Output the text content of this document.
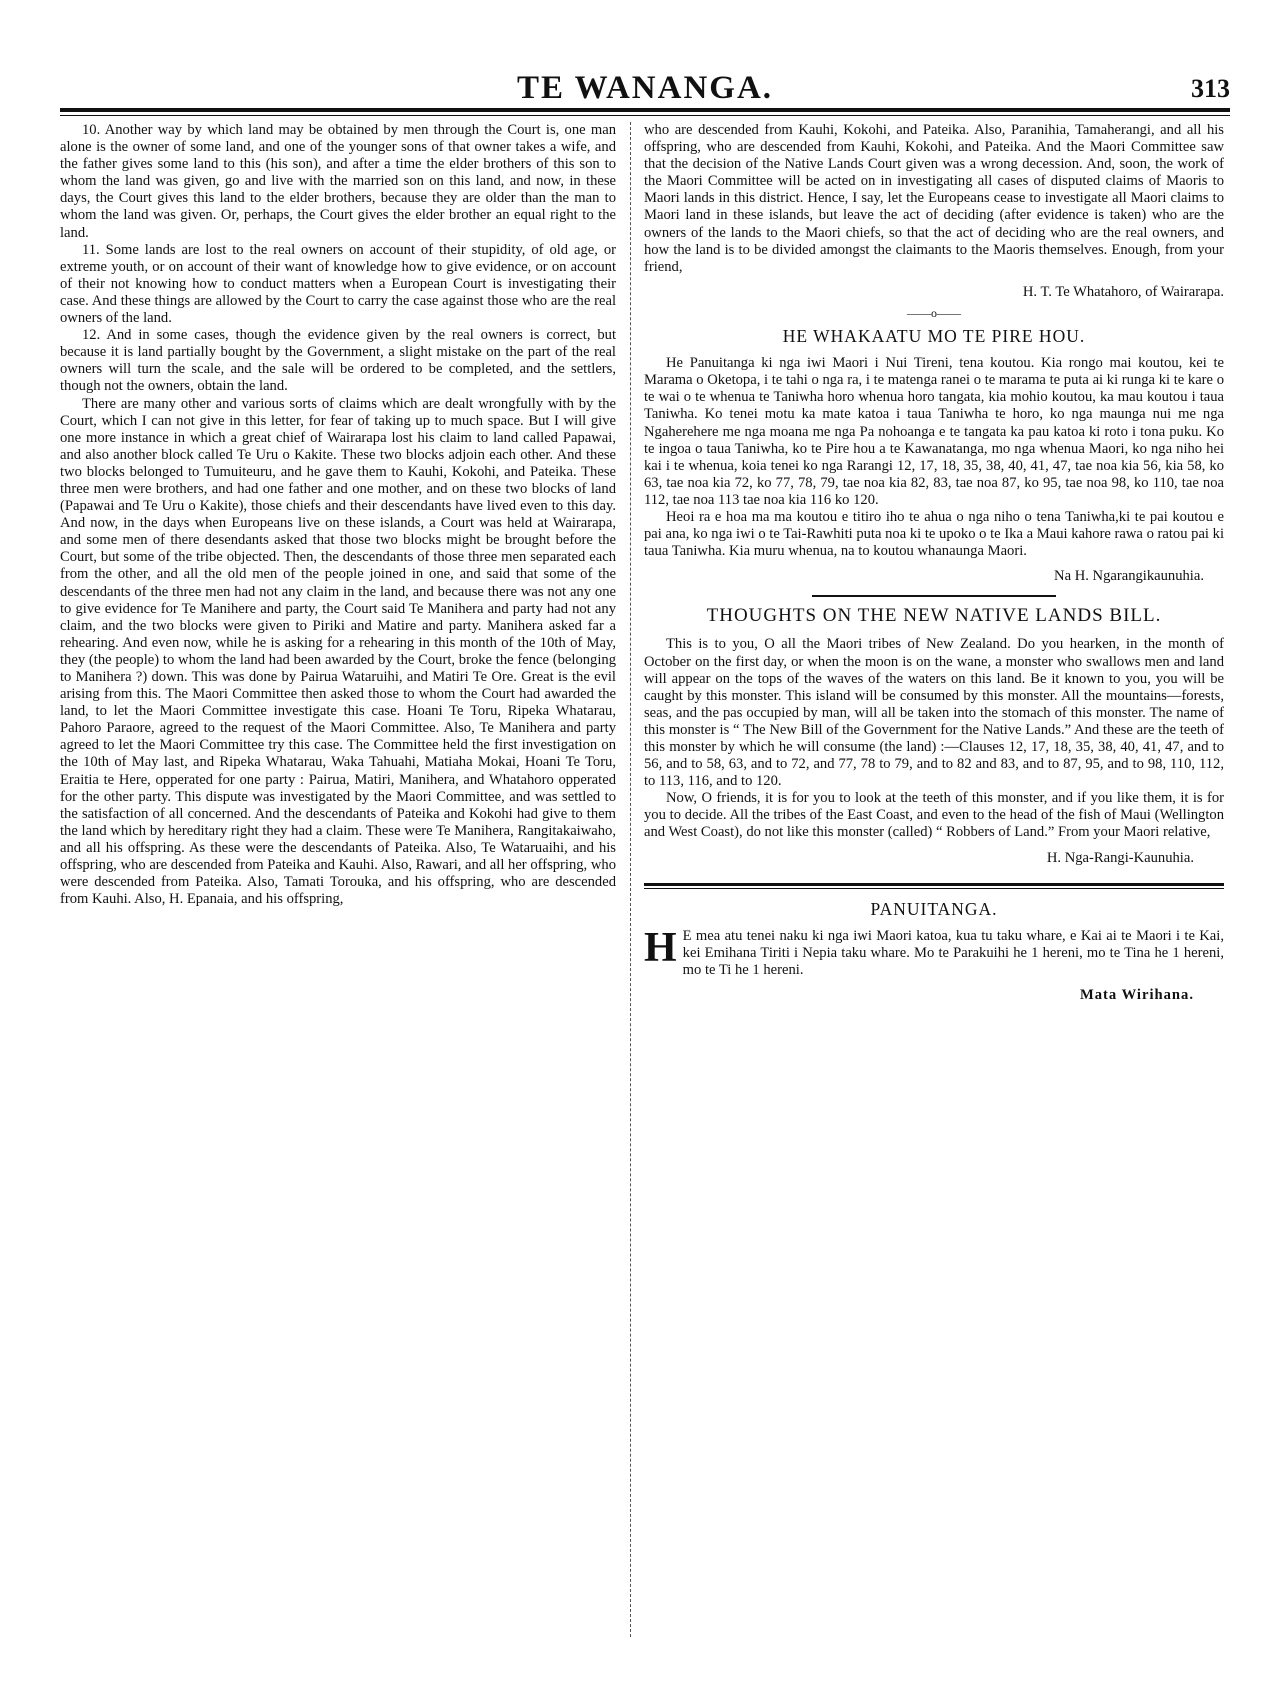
TE WANANGA.	313

10. Another way by which land may be obtained by men through the Court is, one man alone is the owner of some land, and one of the younger sons of that owner takes a wife, and the father gives some land to this (his son), and after a time the elder brothers of this son to whom the land was given, go and live with the married son on this land, and now, in these days, the Court gives this land to the elder brothers, because they are older than the man to whom the land was given. Or, perhaps, the Court gives the elder brother an equal right to the land.

11. Some lands are lost to the real owners on account of their stupidity, of old age, or extreme youth, or on account of their want of knowledge how to give evidence, or on account of their not knowing how to conduct matters when a European Court is investigating their case. And these things are allowed by the Court to carry the case against those who are the real owners of the land.

12. And in some cases, though the evidence given by the real owners is correct, but because it is land partially bought by the Government, a slight mistake on the part of the real owners will turn the scale, and the sale will be ordered to be completed, and the settlers, though not the owners, obtain the land.

There are many other and various sorts of claims which are dealt wrongfully with by the Court, which I can not give in this letter, for fear of taking up to much space. But I will give one more instance in which a great chief of Wairarapa lost his claim to land called Papawai, and also another block called Te Uru o Kakite. These two blocks adjoin each other. And these two blocks belonged to Tumuiteuru, and he gave them to Kauhi, Kokohi, and Pateika. These three men were brothers, and had one father and one mother, and on these two blocks of land (Papawai and Te Uru o Kakite), those chiefs and their descendants have lived even to this day. And now, in the days when Europeans live on these islands, a Court was held at Wairarapa, and some men of there desendants asked that those two blocks might be brought before the Court, but some of the tribe objected. Then, the descendants of those three men separated each from the other, and all the old men of the people joined in one, and said that some of the descendants of the three men had not any claim in the land, and because there was not any one to give evidence for Te Manihere and party, the Court said Te Manihera and party had not any claim, and the two blocks were given to Piriki and Matire and party. Manihera asked far a rehearing. And even now, while he is asking for a rehearing in this month of the 10th of May, they (the people) to whom the land had been awarded by the Court, broke the fence (belonging to Manihera ?) down. This was done by Pairua Wataruihi, and Matiri Te Ore. Great is the evil arising from this. The Maori Committee then asked those to whom the Court had awarded the land, to let the Maori Committee investigate this case. Hoani Te Toru, Ripeka Whatarau, Pahoro Paraore, agreed to the request of the Maori Committee. Also, Te Manihera and party agreed to let the Maori Committee try this case. The Committee held the first investigation on the 10th of May last, and Ripeka Whatarau, Waka Tahuahi, Matiaha Mokai, Hoani Te Toru, Eraitia te Here, opperated for one party : Pairua, Matiri, Manihera, and Whatahoro opperated for the other party. This dispute was investigated by the Maori Committee, and was settled to the satisfaction of all concerned. And the descendants of Pateika and Kokohi had give to them the land which by hereditary right they had a claim. These were Te Manihera, Rangitakaiwaho, and all his offspring. As these were the descendants of Pateika. Also, Te Wataruaihi, and his offspring, who are descended from Pateika and Kauhi. Also, Rawari, and all her offspring, who were descended from Pateika. Also, Tamati Torouka, and his offspring, who are descended from Kauhi. Also, H. Epanaia, and his offspring,

who are descended from Kauhi, Kokohi, and Pateika. Also, Paranihia, Tamaherangi, and all his offspring, who are descended from Kauhi, Kokohi, and Pateika. And the Maori Committee saw that the decision of the Native Lands Court given was a wrong decession. And, soon, the work of the Maori Committee will be acted on in investigating all cases of disputed claims of Maoris to Maori lands in this district. Hence, I say, let the Europeans cease to investigate all Maori claims to Maori land in these islands, but leave the act of deciding (after evidence is taken) who are the owners of the lands to the Maori chiefs, so that the act of deciding who are the real owners, and how the land is to be divided amongst the claimants to the Maoris themselves. Enough, from your friend,

H. T. Te Whatahoro, of Wairarapa.
——o——
HE WHAKAATU MO TE PIRE HOU.

He Panuitanga ki nga iwi Maori i Nui Tireni, tena koutou. Kia rongo mai koutou, kei te Marama o Oketopa, i te tahi o nga ra, i te matenga ranei o te marama te puta ai ki runga ki te kare o te wai o te whenua te Taniwha horo whenua horo tangata, kia mohio koutou, ka mau koutou i taua Taniwha. Ko tenei motu ka mate katoa i taua Taniwha te horo, ko nga maunga nui me nga Ngaherehere me nga moana me nga Pa nohoanga e te tangata ka pau katoa ki roto i tona puku. Ko te ingoa o taua Taniwha, ko te Pire hou a te Kawanatanga, mo nga whenua Maori, ko nga niho hei kai i te whenua, koia tenei ko nga Rarangi 12, 17, 18, 35, 38, 40, 41, 47, tae noa kia 56, kia 58, ko 63, tae noa kia 72, ko 77, 78, 79, tae noa kia 82, 83, tae noa 87, ko 95, tae noa 98, ko 110, tae noa 112, tae noa 113 tae noa kia 116 ko 120.

Heoi ra e hoa ma ma koutou e titiro iho te ahua o nga niho o tena Taniwha,ki te pai koutou e pai ana, ko nga iwi o te Tai-Rawhiti puta noa ki te upoko o te Ika a Maui kahore rawa o ratou pai ki taua Taniwha. Kia muru whenua, na to koutou whanaunga Maori.

Na H. Ngarangikaunuhia.
THOUGHTS ON THE NEW NATIVE LANDS BILL.

This is to you, O all the Maori tribes of New Zealand. Do you hearken, in the month of October on the first day, or when the moon is on the wane, a monster who swallows men and land will appear on the tops of the waves of the waters on this land. Be it known to you, you will be caught by this monster. This island will be consumed by this monster. All the mountains—forests, seas, and the pas occupied by man, will all be taken into the stomach of this monster. The name of this monster is “ The New Bill of the Government for the Native Lands.” And these are the teeth of this monster by which he will consume (the land) :—Clauses 12, 17, 18, 35, 38, 40, 41, 47, and to 56, and to 58, 63, and to 72, and 77, 78 to 79, and to 82 and 83, and to 87, 95, and to 98, 110, 112, to 113, 116, and to 120.

Now, O friends, it is for you to look at the teeth of this monster, and if you like them, it is for you to decide. All the tribes of the East Coast, and even to the head of the fish of Maui (Wellington and West Coast), do not like this monster (called) “ Robbers of Land.” From your Maori relative,

H. Nga-Rangi-Kaunuhia.
PANUITANGA.
H E mea atu tenei naku ki nga iwi Maori katoa, kua tu taku whare, e Kai ai te Maori i te Kai, kei Emihana Tiriti i Nepia taku whare. Mo te Parakuihi he 1 hereni, mo te Tina he 1 hereni, mo te Ti he 1 hereni.

Mata Wirihana.
